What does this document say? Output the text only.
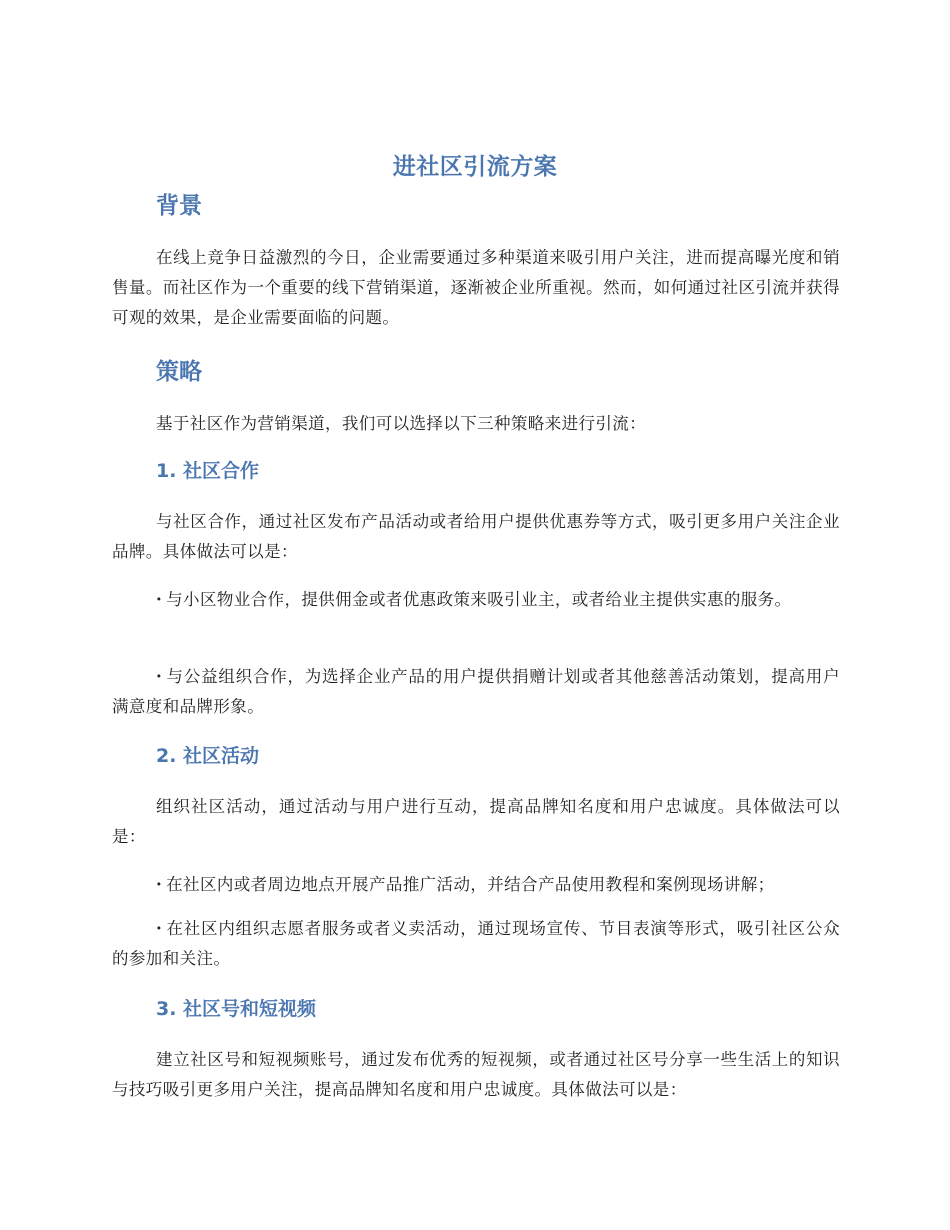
进社区引流方案
背景

在线上竞争日益激烈的今日，企业需要通过多种渠道来吸引用户关注，进而提高曝光度和销售量。而社区作为一个重要的线下营销渠道，逐渐被企业所重视。然而，如何通过社区引流并获得可观的效果，是企业需要面临的问题。

策略

基于社区作为营销渠道，我们可以选择以下三种策略来进行引流：

1. 社区合作

与社区合作，通过社区发布产品活动或者给用户提供优惠券等方式，吸引更多用户关注企业品牌。具体做法可以是：

· 与小区物业合作，提供佣金或者优惠政策来吸引业主，或者给业主提供实惠的服务。

· 与公益组织合作，为选择企业产品的用户提供捐赠计划或者其他慈善活动策划，提高用户满意度和品牌形象。

2. 社区活动

组织社区活动，通过活动与用户进行互动，提高品牌知名度和用户忠诚度。具体做法可以是：

· 在社区内或者周边地点开展产品推广活动，并结合产品使用教程和案例现场讲解；

· 在社区内组织志愿者服务或者义卖活动，通过现场宣传、节目表演等形式，吸引社区公众的参加和关注。

3. 社区号和短视频

建立社区号和短视频账号，通过发布优秀的短视频，或者通过社区号分享一些生活上的知识与技巧吸引更多用户关注，提高品牌知名度和用户忠诚度。具体做法可以是：
